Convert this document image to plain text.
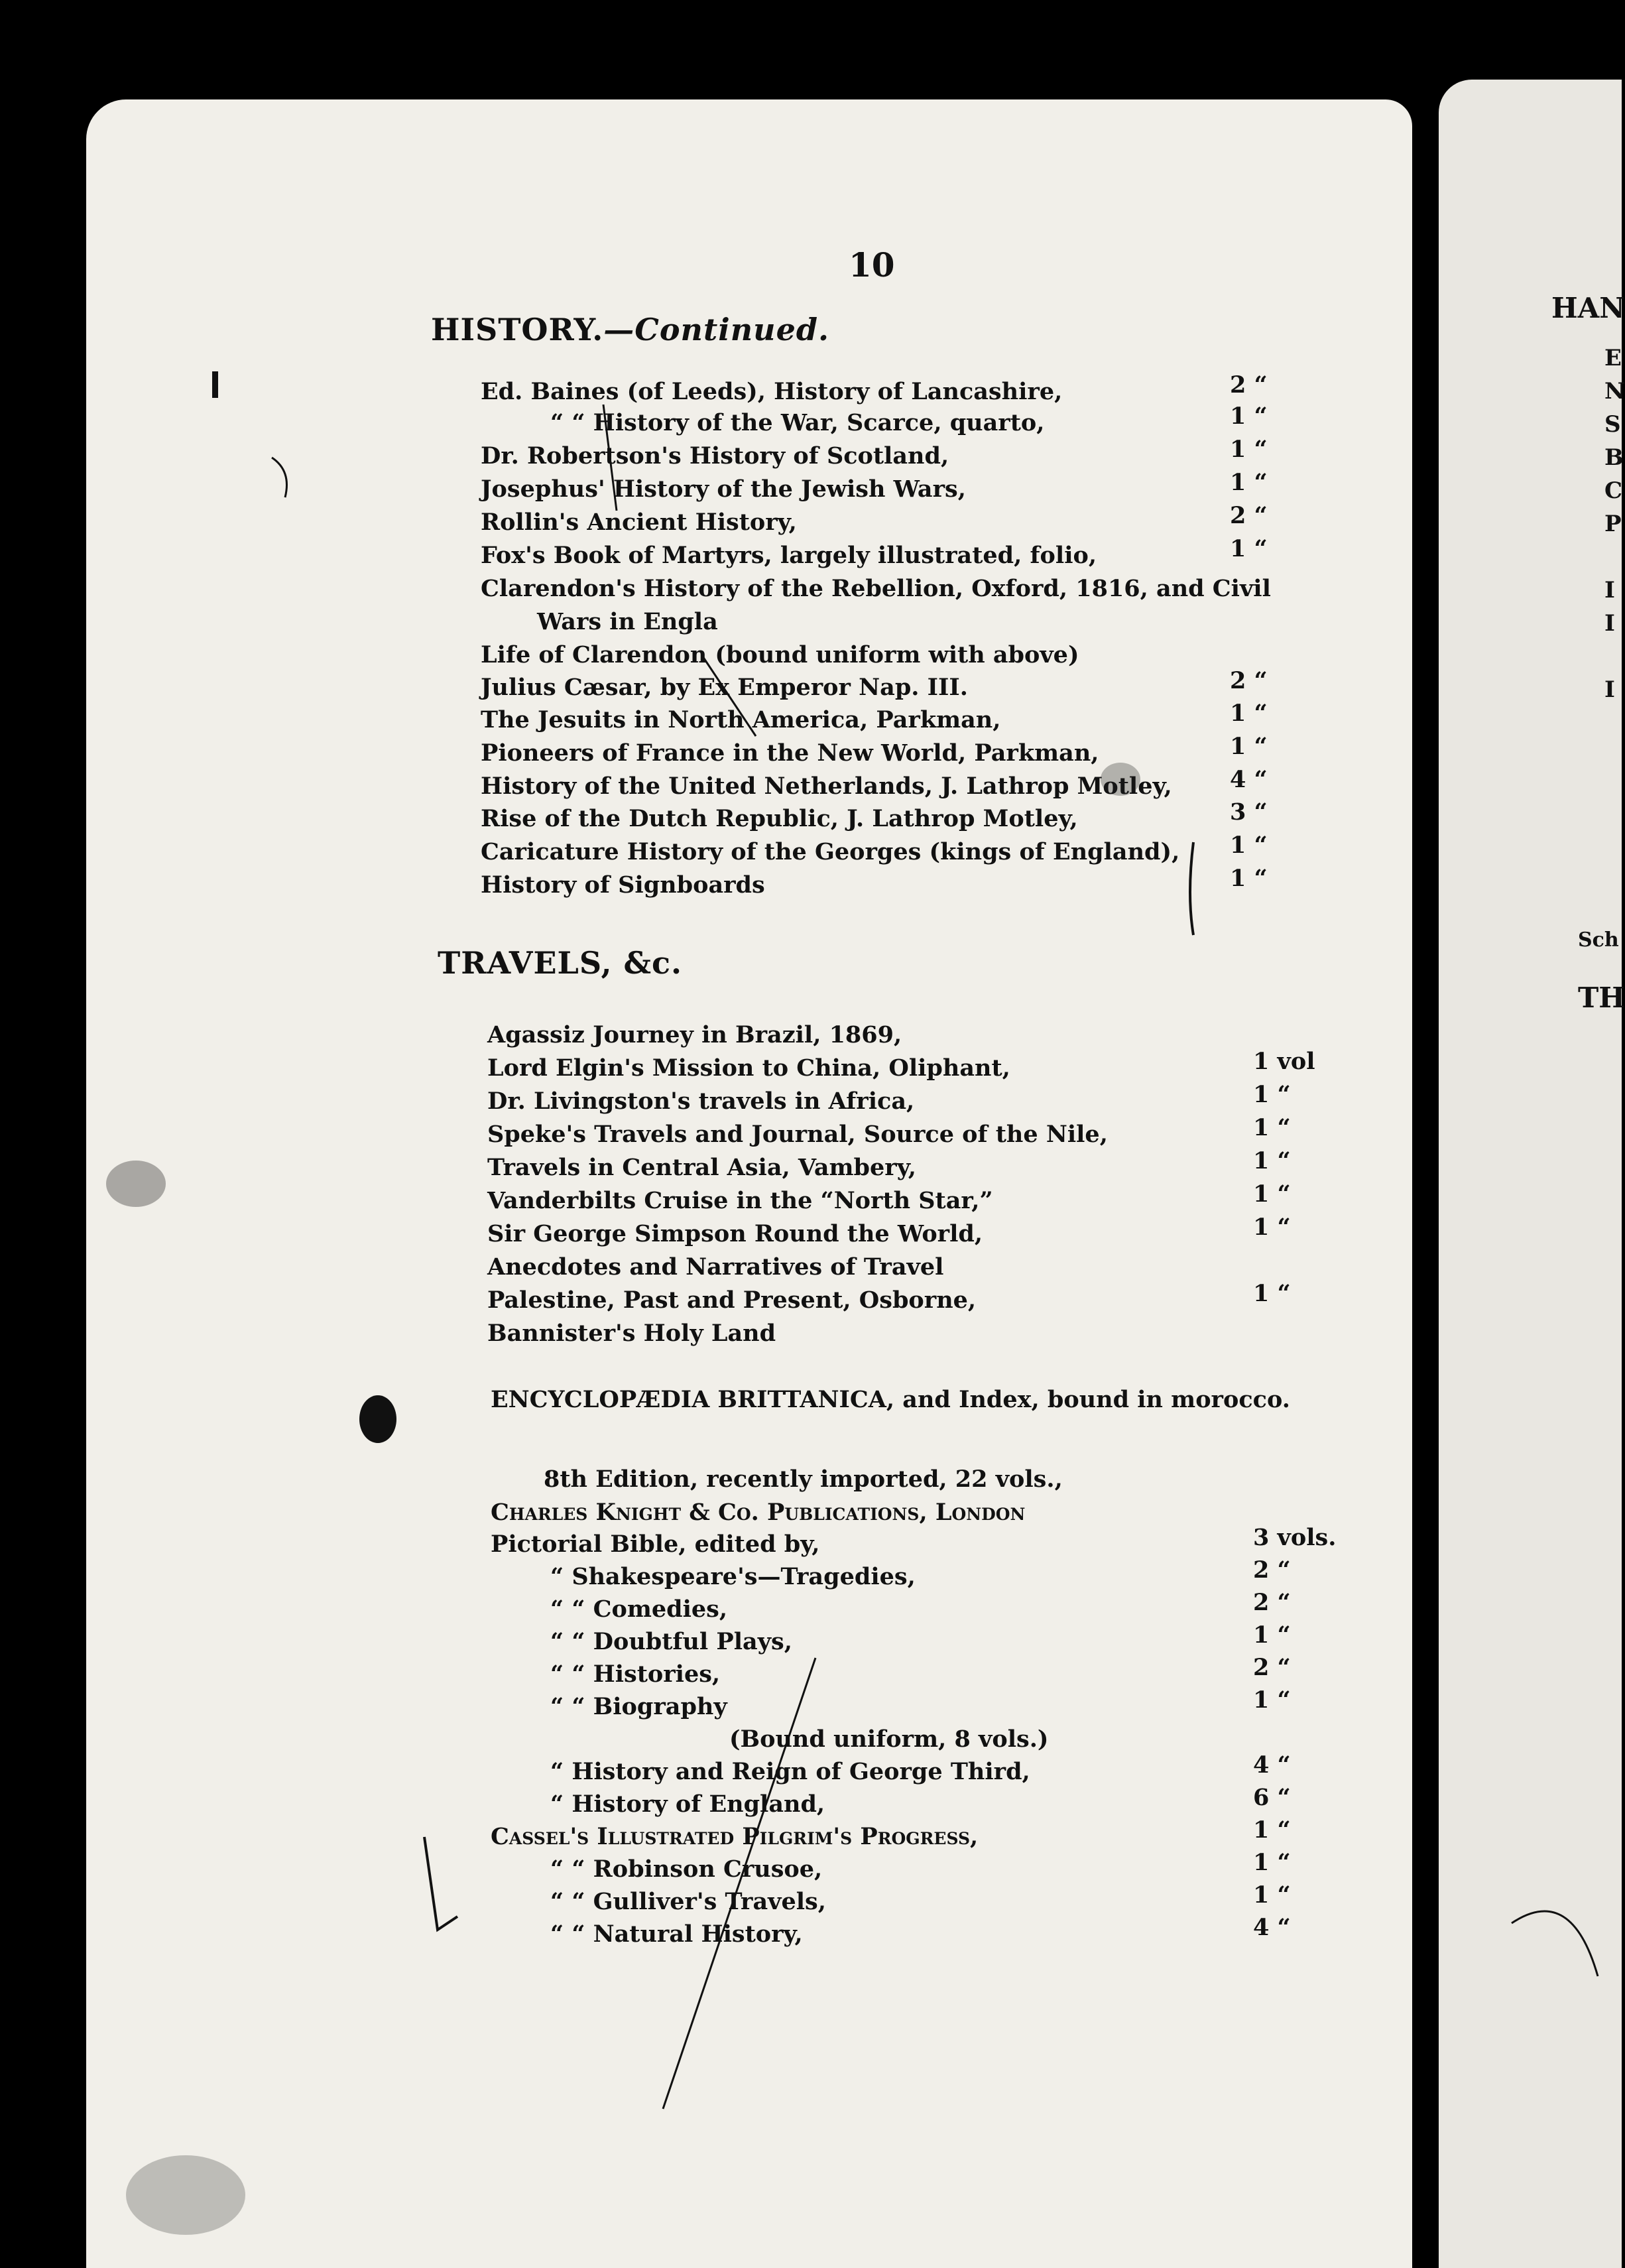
10
HISTORY.—Continued.
Ed. Baines (of Leeds), History of Lancashire,	2 “
“ “ History of the War, Scarce, quarto,	1 “
Dr. Robertson's History of Scotland,	1 “
Josephus' History of the Jewish Wars,	1 “
Rollin's Ancient History,	2 “
Fox's Book of Martyrs, largely illustrated, folio,	1 “
Clarendon's History of the Rebellion, Oxford, 1816, and Civil
Wars in Engla
Life of Clarendon (bound uniform with above)
Julius Cæsar, by Ex Emperor Nap. III.	2 “
The Jesuits in North America, Parkman,	1 “
Pioneers of France in the New World, Parkman,	1 “
History of the United Netherlands, J. Lathrop Motley, 4 “
Rise of the Dutch Republic, J. Lathrop Motley,	3 “
Caricature History of the Georges (kings of England), 1 “
History of Signboards	1 “
TRAVELS, &c.
Agassiz Journey in Brazil, 1869,
Lord Elgin's Mission to China, Oliphant,	1 vol
Dr. Livingston's travels in Africa,	1 “
Speke's Travels and Journal, Source of the Nile,	1 “
Travels in Central Asia, Vambery,	1 “
Vanderbilts Cruise in the “North Star,”	1 “
Sir George Simpson Round the World,	1 “
Anecdotes and Narratives of Travel
Palestine, Past and Present, Osborne,	1 “
Bannister's Holy Land
ENCYCLOPÆDIA BRITTANICA, and Index, bound in morocco.
8th Edition, recently imported, 22 vols.,
Charles Knight & Co. Publications, London
Pictorial Bible, edited by,	3 vols.
“ Shakespeare's—Tragedies,	2 “
“ “ Comedies,	2 “
“ “ Doubtful Plays,	1 “
“ “ Histories,	2 “
“ “ Biography	1 “
(Bound uniform, 8 vols.)
“ History and Reign of George Third,	4 “
“ History of England,	6 “
Cassel's Illustrated Pilgrim's Progress,	1 “
“ “ Robinson Crusoe,	1 “
“ “ Gulliver's Travels,	1 “
“ “ Natural History,	4 “
HAN
E
N
S
B
C
P
I
I
I
Sch
TH
